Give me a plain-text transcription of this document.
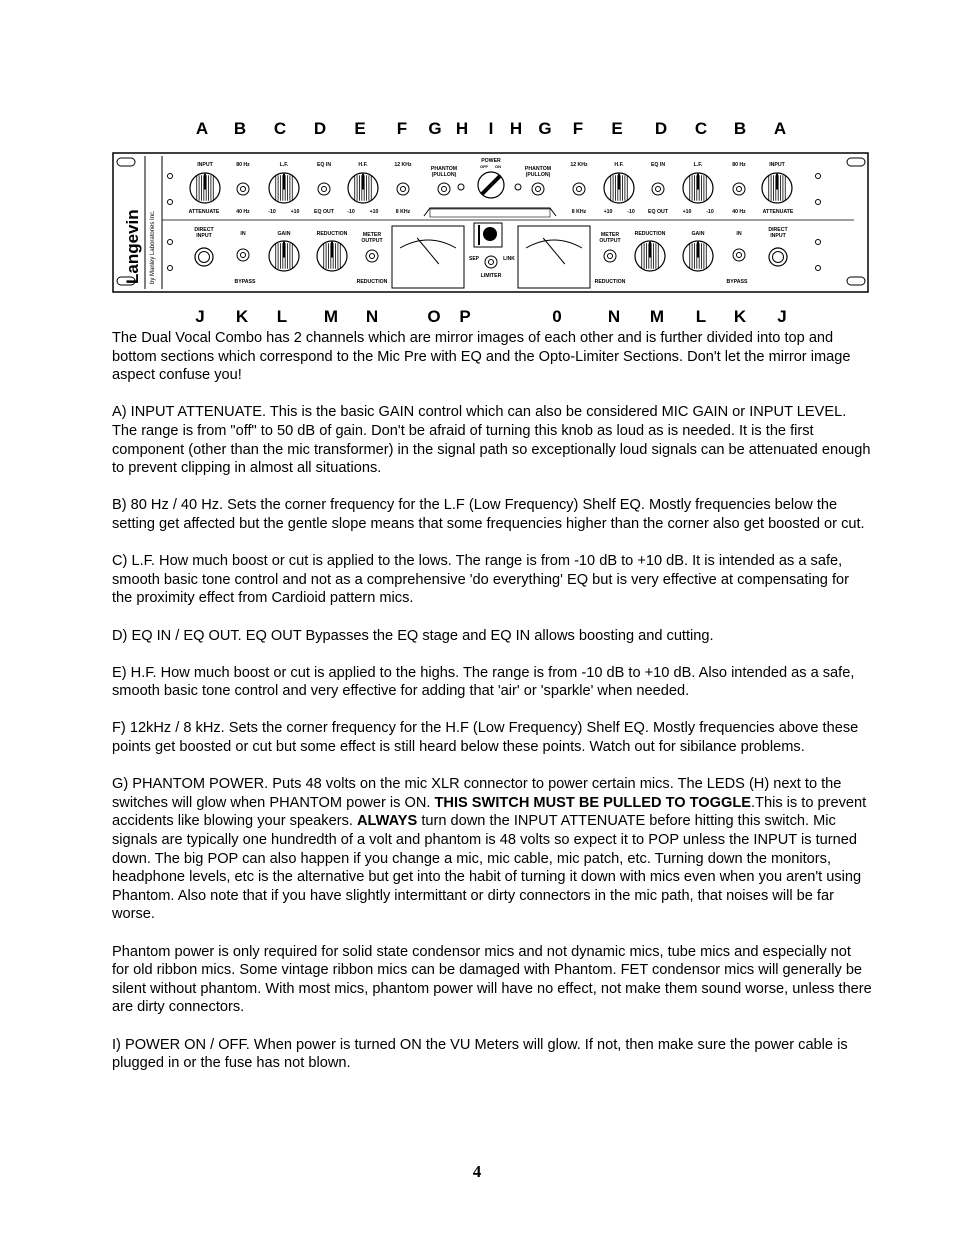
A B C D E F G H I H G F E D C B A
Langevin by Manley Laboratories Inc.
INPUT
ATTENUATE
80 Hz
40 Hz
L.F.
-10	+10
EQ IN
EQ OUT
H.F.
-10	+10
12 KHz
8 KHz
DIRECT
INPUT	IN
BYPASS
GAIN	REDUCTION	METER
OUTPUT
REDUCTION
INPUT
ATTENUATE
80 Hz
40 Hz
L.F.
-10
+10
EQ IN
EQ OUT
H.F.
-10
+10
12 KHz
8 KHz
DIRECT
INPUT
IN
BYPASS
GAIN
REDUCTION
METER
OUTPUT
REDUCTION
PHANTOM
(PULLON)
PHANTOM
(PULLON)
POWER
OFF ON
SEP	LINK
LIMITER
J K L M N	O P	0	N M L K J

The Dual Vocal Combo has 2 channels which are mirror images of each other and is further divided into top and bottom sections which correspond to the Mic Pre with EQ and the Opto-Limiter Sections. Don't let the mirror image aspect confuse you!

A) INPUT ATTENUATE. This is the basic GAIN control which can also be considered MIC GAIN or INPUT LEVEL. The range is from "off" to 50 dB of gain. Don't be afraid of turning this knob as loud as is needed. It is the first component (other than the mic transformer) in the signal path so exceptionally loud signals can be attenuated enough to prevent clipping in almost all situations.

B) 80 Hz / 40 Hz. Sets the corner frequency for the L.F (Low Frequency) Shelf EQ. Mostly frequencies below the setting get affected but the gentle slope means that some frequencies higher than the corner also get boosted or cut.

C) L.F. How much boost or cut is applied to the lows. The range is from -10 dB to +10 dB. It is intended as a safe, smooth basic tone control and not as a comprehensive 'do everything' EQ but is very effective at compensating for the proximity effect from Cardioid pattern mics.

D) EQ IN / EQ OUT. EQ OUT Bypasses the EQ stage and EQ IN allows boosting and cutting.

E) H.F. How much boost or cut is applied to the highs. The range is from -10 dB to +10 dB. Also intended as a safe, smooth basic tone control and very effective for adding that 'air' or 'sparkle' when needed.

F) 12kHz / 8 kHz. Sets the corner frequency for the H.F (Low Frequency) Shelf EQ. Mostly frequencies above these points get boosted or cut but some effect is still heard below these points. Watch out for sibilance problems.

G) PHANTOM POWER. Puts 48 volts on the mic XLR connector to power certain mics. The LEDS (H) next to the switches will glow when PHANTOM power is ON. THIS SWITCH MUST BE PULLED TO TOGGLE.This is to prevent accidents like blowing your speakers. ALWAYS turn down the INPUT ATTENUATE before hitting this switch. Mic signals are typically one hundredth of a volt and phantom is 48 volts so expect it to POP unless the INPUT is turned down. The big POP can also happen if you change a mic, mic cable, mic patch, etc. Turning down the monitors, headphone levels, etc is the alternative but get into the habit of turning it down with mics even when you aren't using Phantom. Also note that if you have slightly intermittant or dirty connectors in the mic path, that noises will be far worse.

Phantom power is only required for solid state condensor mics and not dynamic mics, tube mics and especially not for old ribbon mics. Some vintage ribbon mics can be damaged with Phantom. FET condensor mics will generally be silent without phantom. With most mics, phantom power will have no effect, not make them sound worse, unless there are dirty connectors.

I) POWER ON / OFF. When power is turned ON the VU Meters will glow. If not, then make sure the power cable is plugged in or the fuse has not blown.

4
